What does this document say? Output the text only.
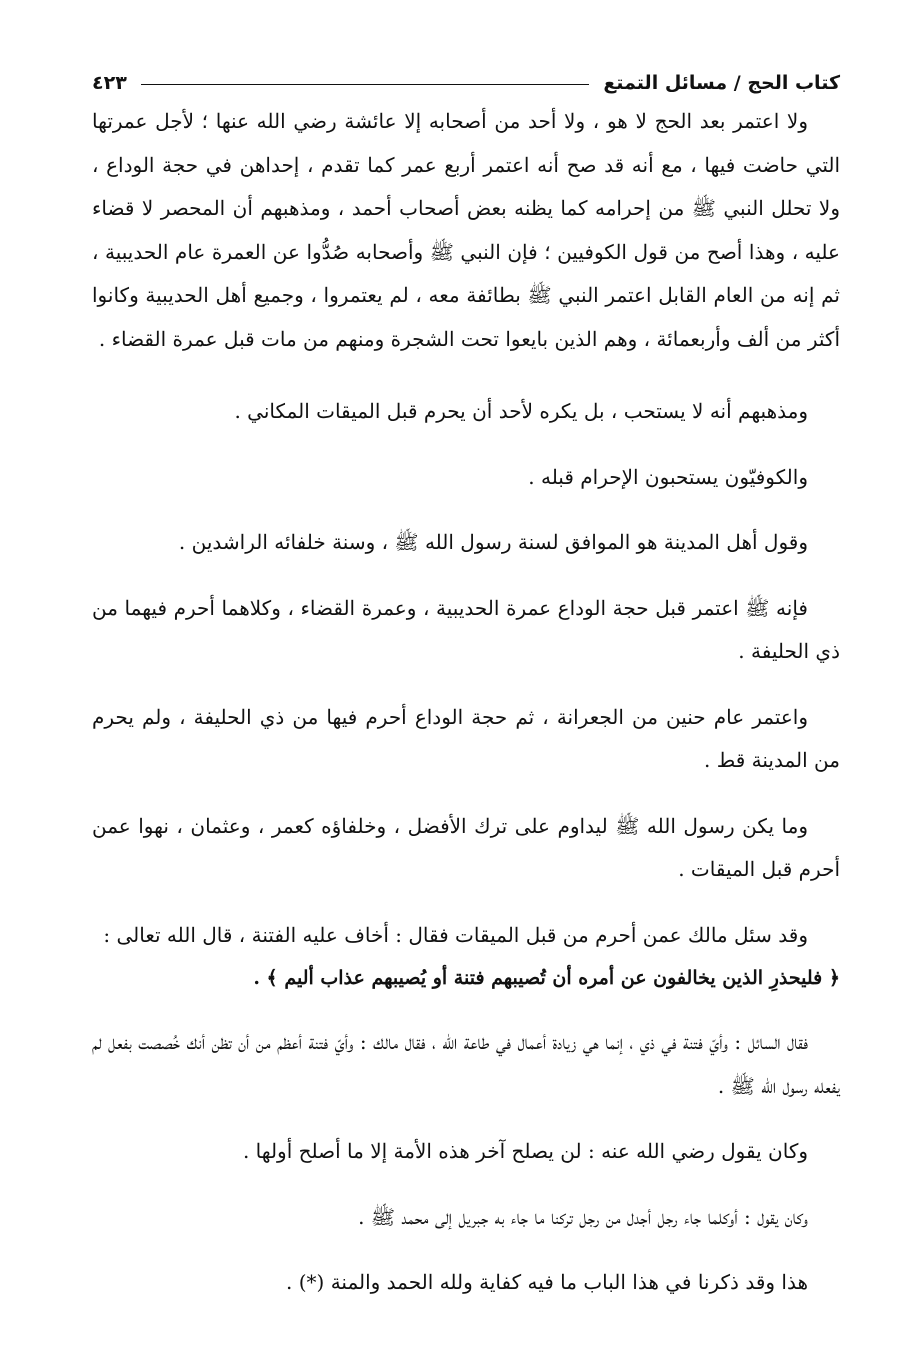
كتاب الحج / مسائل التمتع
٤٢٣

ولا اعتمر بعد الحج لا هو ، ولا أحد من أصحابه إلا عائشة رضي الله عنها ؛ لأجل عمرتها التي حاضت فيها ، مع أنه قد صح أنه اعتمر أربع عمر كما تقدم ، إحداهن في حجة الوداع ، ولا تحلل النبي ﷺ من إحرامه كما يظنه بعض أصحاب أحمد ، ومذهبهم أن المحصر لا قضاء عليه ، وهذا أصح من قول الكوفيين ؛ فإن النبي ﷺ وأصحابه صُدُّوا عن العمرة عام الحديبية ، ثم إنه من العام القابل اعتمر النبي ﷺ بطائفة معه ، لم يعتمروا ، وجميع أهل الحديبية وكانوا أكثر من ألف وأربعمائة ، وهم الذين بايعوا تحت الشجرة ومنهم من مات قبل عمرة القضاء .

ومذهبهم أنه لا يستحب ، بل يكره لأحد أن يحرم قبل الميقات المكاني .

والكوفيّون يستحبون الإحرام قبله .

وقول أهل المدينة هو الموافق لسنة رسول الله ﷺ ، وسنة خلفائه الراشدين .

فإنه ﷺ اعتمر قبل حجة الوداع عمرة الحديبية ، وعمرة القضاء ، وكلاهما أحرم فيهما من ذي الحليفة .

واعتمر عام حنين من الجعرانة ، ثم حجة الوداع أحرم فيها من ذي الحليفة ، ولم يحرم من المدينة قط .

وما يكن رسول الله ﷺ ليداوم على ترك الأفضل ، وخلفاؤه كعمر ، وعثمان ، نهوا عمن أحرم قبل الميقات .

وقد سئل مالك عمن أحرم من قبل الميقات فقال : أخاف عليه الفتنة ، قال الله تعالى :
﴿ فليحذرِ الذين يخالفون عن أمره أن تُصيبهم فتنة أو يُصيبهم عذاب أليم ﴾ .

فقال السائل : وأيّ فتنة في ذي ، إنما هي زيادة أعمال في طاعة الله ، فقال مالك : وأيّ فتنة أعظم من أن تظن أنك خُصصت بفعل لم يفعله رسول الله ﷺ .

وكان يقول رضي الله عنه : لن يصلح آخر هذه الأمة إلا ما أصلح أولها .

وكان يقول : أوكلما جاء رجل أجدل من رجل تركنا ما جاء به جبريل إلى محمد ﷺ .

هذا وقد ذكرنا في هذا الباب ما فيه كفاية ولله الحمد والمنة (*) .
